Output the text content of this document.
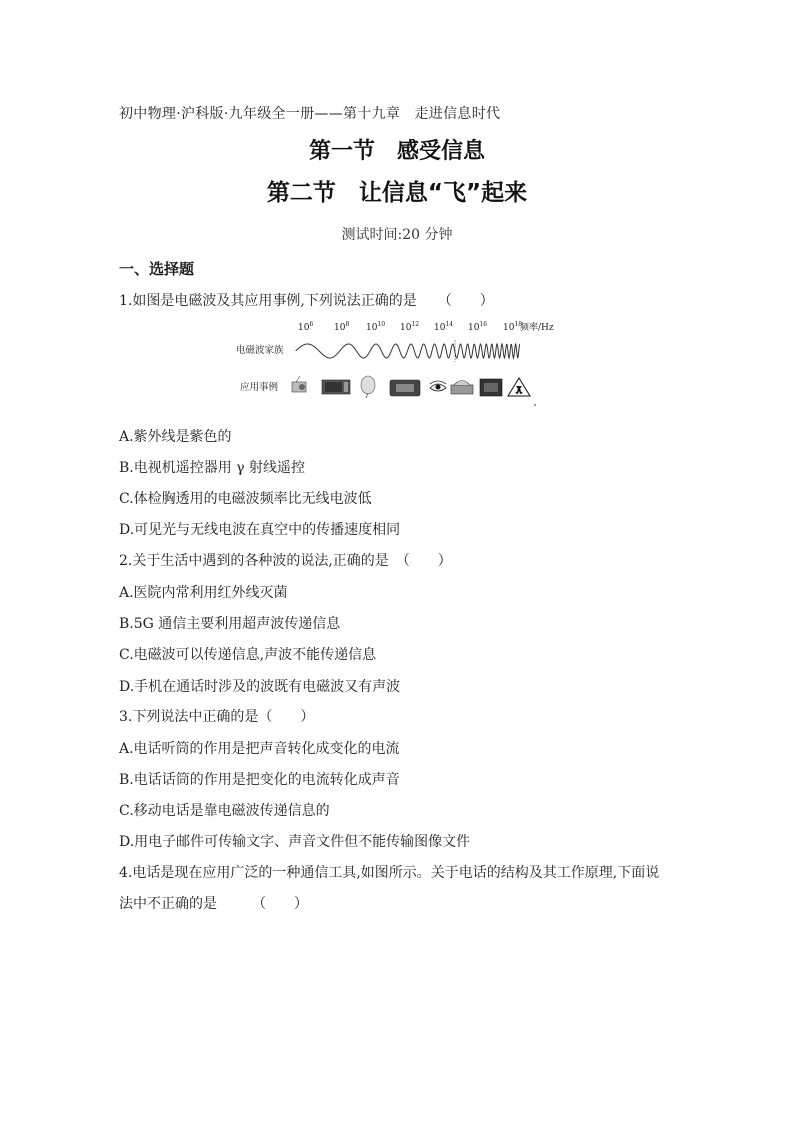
初中物理·沪科版·九年级全一册——第十九章　走进信息时代
第一节　感受信息
第二节　让信息“飞”起来
测试时间:20 分钟
一、选择题
1.如图是电磁波及其应用事例,下列说法正确的是　　（　　）
$10^6$ $10^8$ $10^{10}$ $10^{12}$ $10^{14}$ $10^{16}$ $10^{18}$
频率/Hz
电磁波家族
应用事例
A.紫外线是紫色的
B.电视机遥控器用 γ 射线遥控
C.体检胸透用的电磁波频率比无线电波低
D.可见光与无线电波在真空中的传播速度相同
2.关于生活中遇到的各种波的说法,正确的是　（　　）
A.医院内常利用红外线灭菌
B.5G 通信主要利用超声波传递信息
C.电磁波可以传递信息,声波不能传递信息
D.手机在通话时涉及的波既有电磁波又有声波
3.下列说法中正确的是（　　）
A.电话听筒的作用是把声音转化成变化的电流
B.电话话筒的作用是把变化的电流转化成声音
C.移动电话是靠电磁波传递信息的
D.用电子邮件可传输文字、声音文件但不能传输图像文件
4.电话是现在应用广泛的一种通信工具,如图所示。关于电话的结构及其工作原理,下面说
法中不正确的是　　　（　　）
